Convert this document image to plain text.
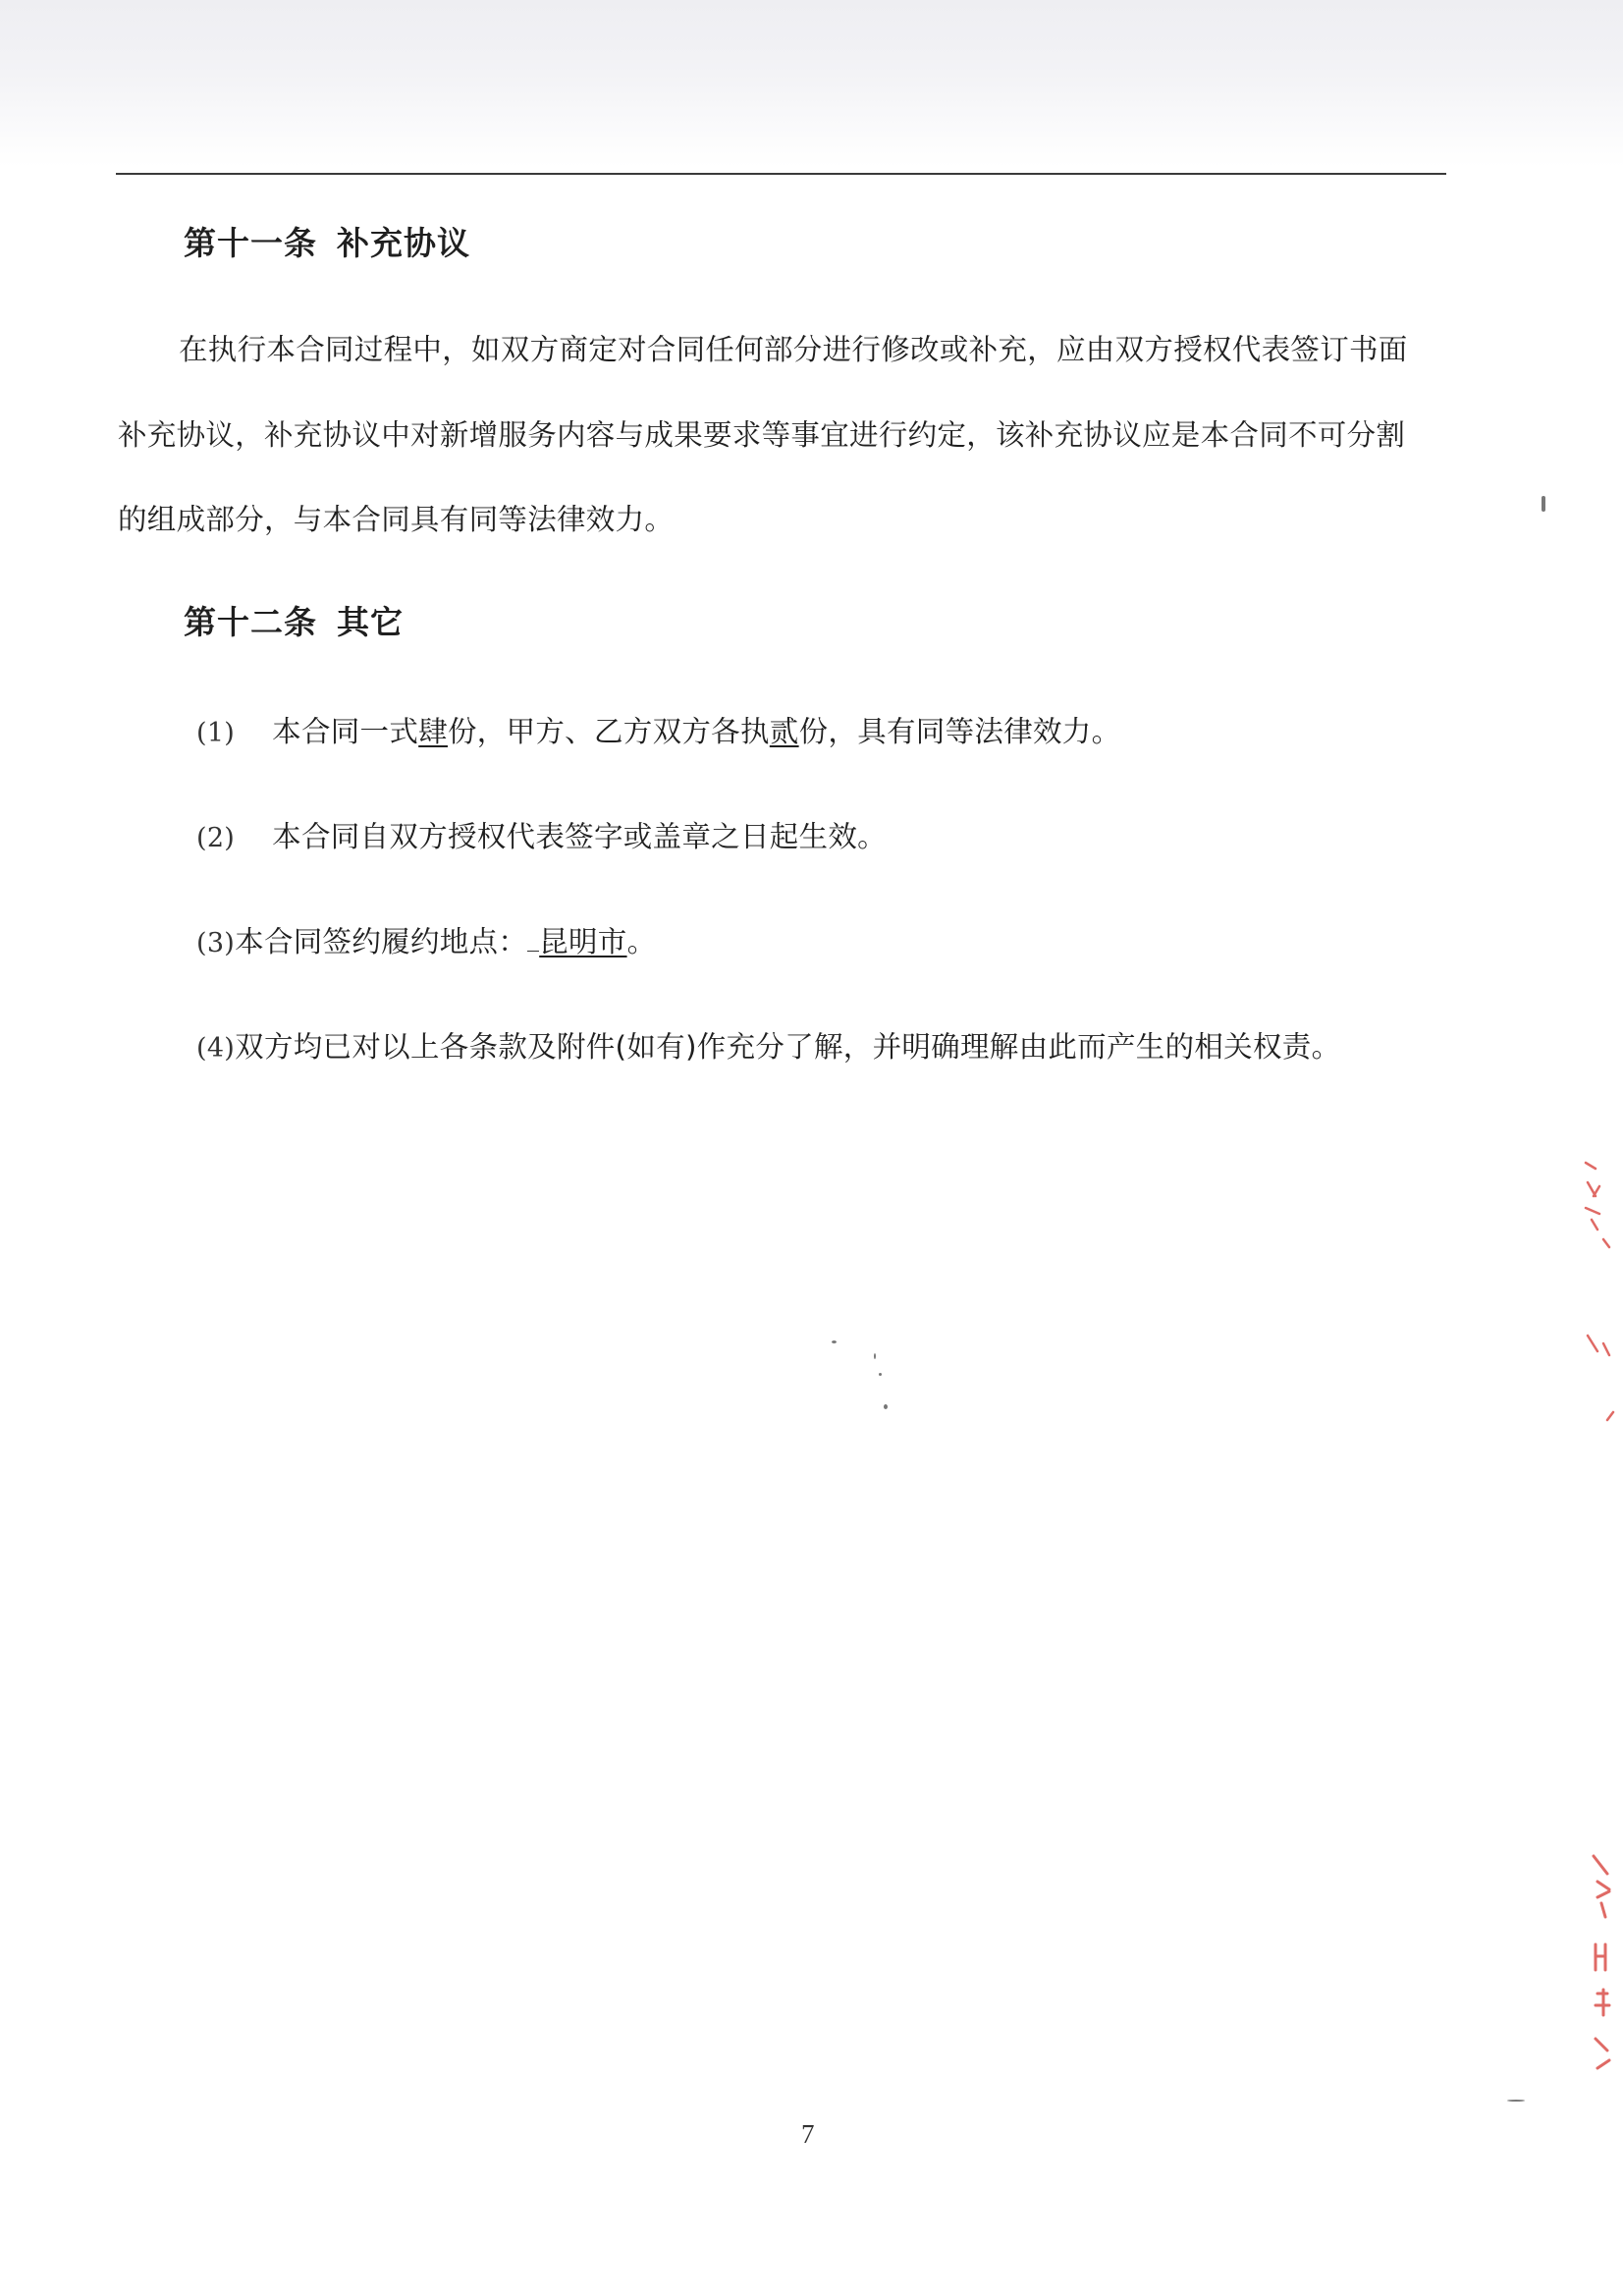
第十一条 补充协议
在执行本合同过程中，如双方商定对合同任何部分进行修改或补充，应由双方授权代表签订书面
补充协议，补充协议中对新增服务内容与成果要求等事宜进行约定，该补充协议应是本合同不可分割
的组成部分，与本合同具有同等法律效力。
第十二条 其它
(1) 本合同一式肆份，甲方、乙方双方各执贰份，具有同等法律效力。
(2) 本合同自双方授权代表签字或盖章之日起生效。
(3)本合同签约履约地点： 昆明市。
(4)双方均已对以上各条款及附件(如有)作充分了解，并明确理解由此而产生的相关权责。
7
